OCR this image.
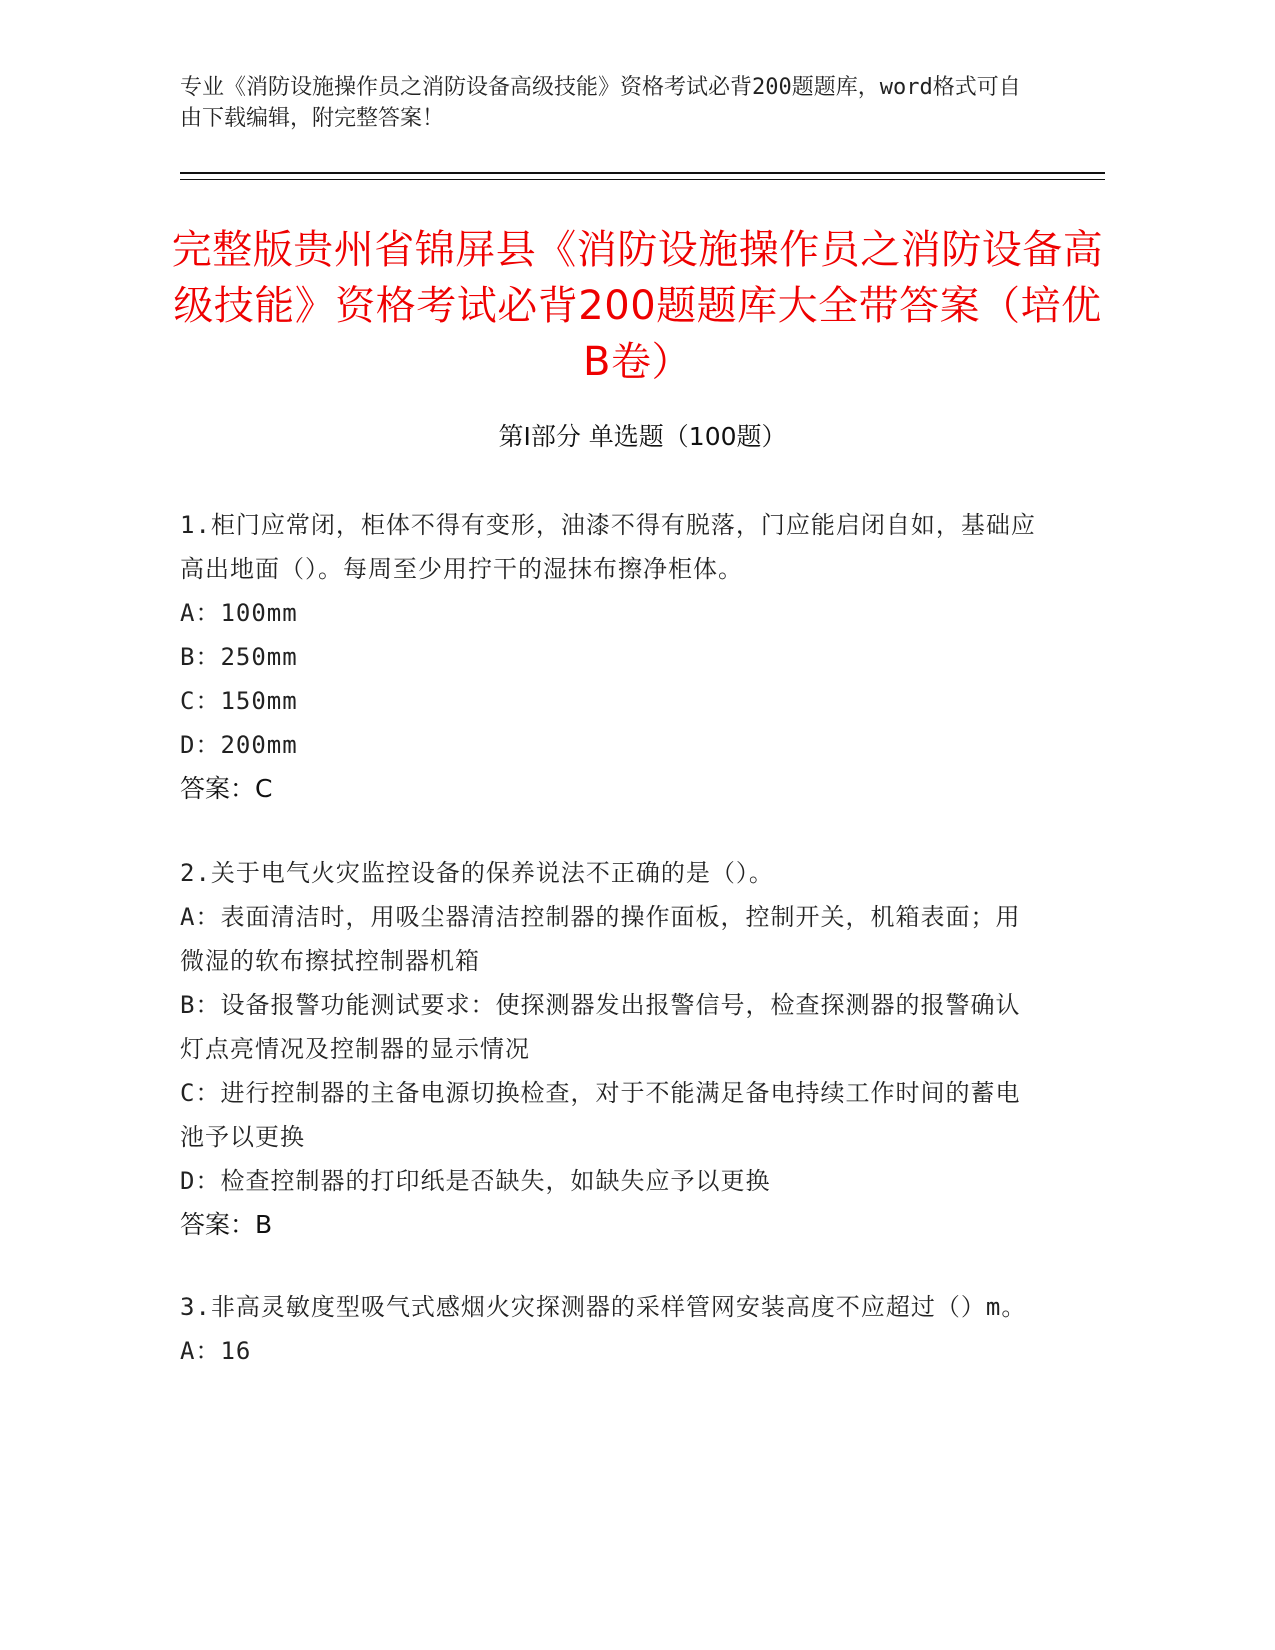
专业《消防设施操作员之消防设备高级技能》资格考试必背200题题库，word格式可自由下载编辑，附完整答案！
完整版贵州省锦屏县《消防设施操作员之消防设备高级技能》资格考试必背200题题库大全带答案（培优B卷）
第I部分 单选题（100题）

1.柜门应常闭，柜体不得有变形，油漆不得有脱落，门应能启闭自如，基础应高出地面（）。每周至少用拧干的湿抹布擦净柜体。

A：100mm

B：250mm

C：150mm

D：200mm

答案：C

2.关于电气火灾监控设备的保养说法不正确的是（）。

A：表面清洁时，用吸尘器清洁控制器的操作面板，控制开关，机箱表面；用微湿的软布擦拭控制器机箱

B：设备报警功能测试要求：使探测器发出报警信号，检查探测器的报警确认灯点亮情况及控制器的显示情况

C：进行控制器的主备电源切换检查，对于不能满足备电持续工作时间的蓄电池予以更换

D：检查控制器的打印纸是否缺失，如缺失应予以更换

答案：B

3.非高灵敏度型吸气式感烟火灾探测器的采样管网安装高度不应超过（）m。

A：16
